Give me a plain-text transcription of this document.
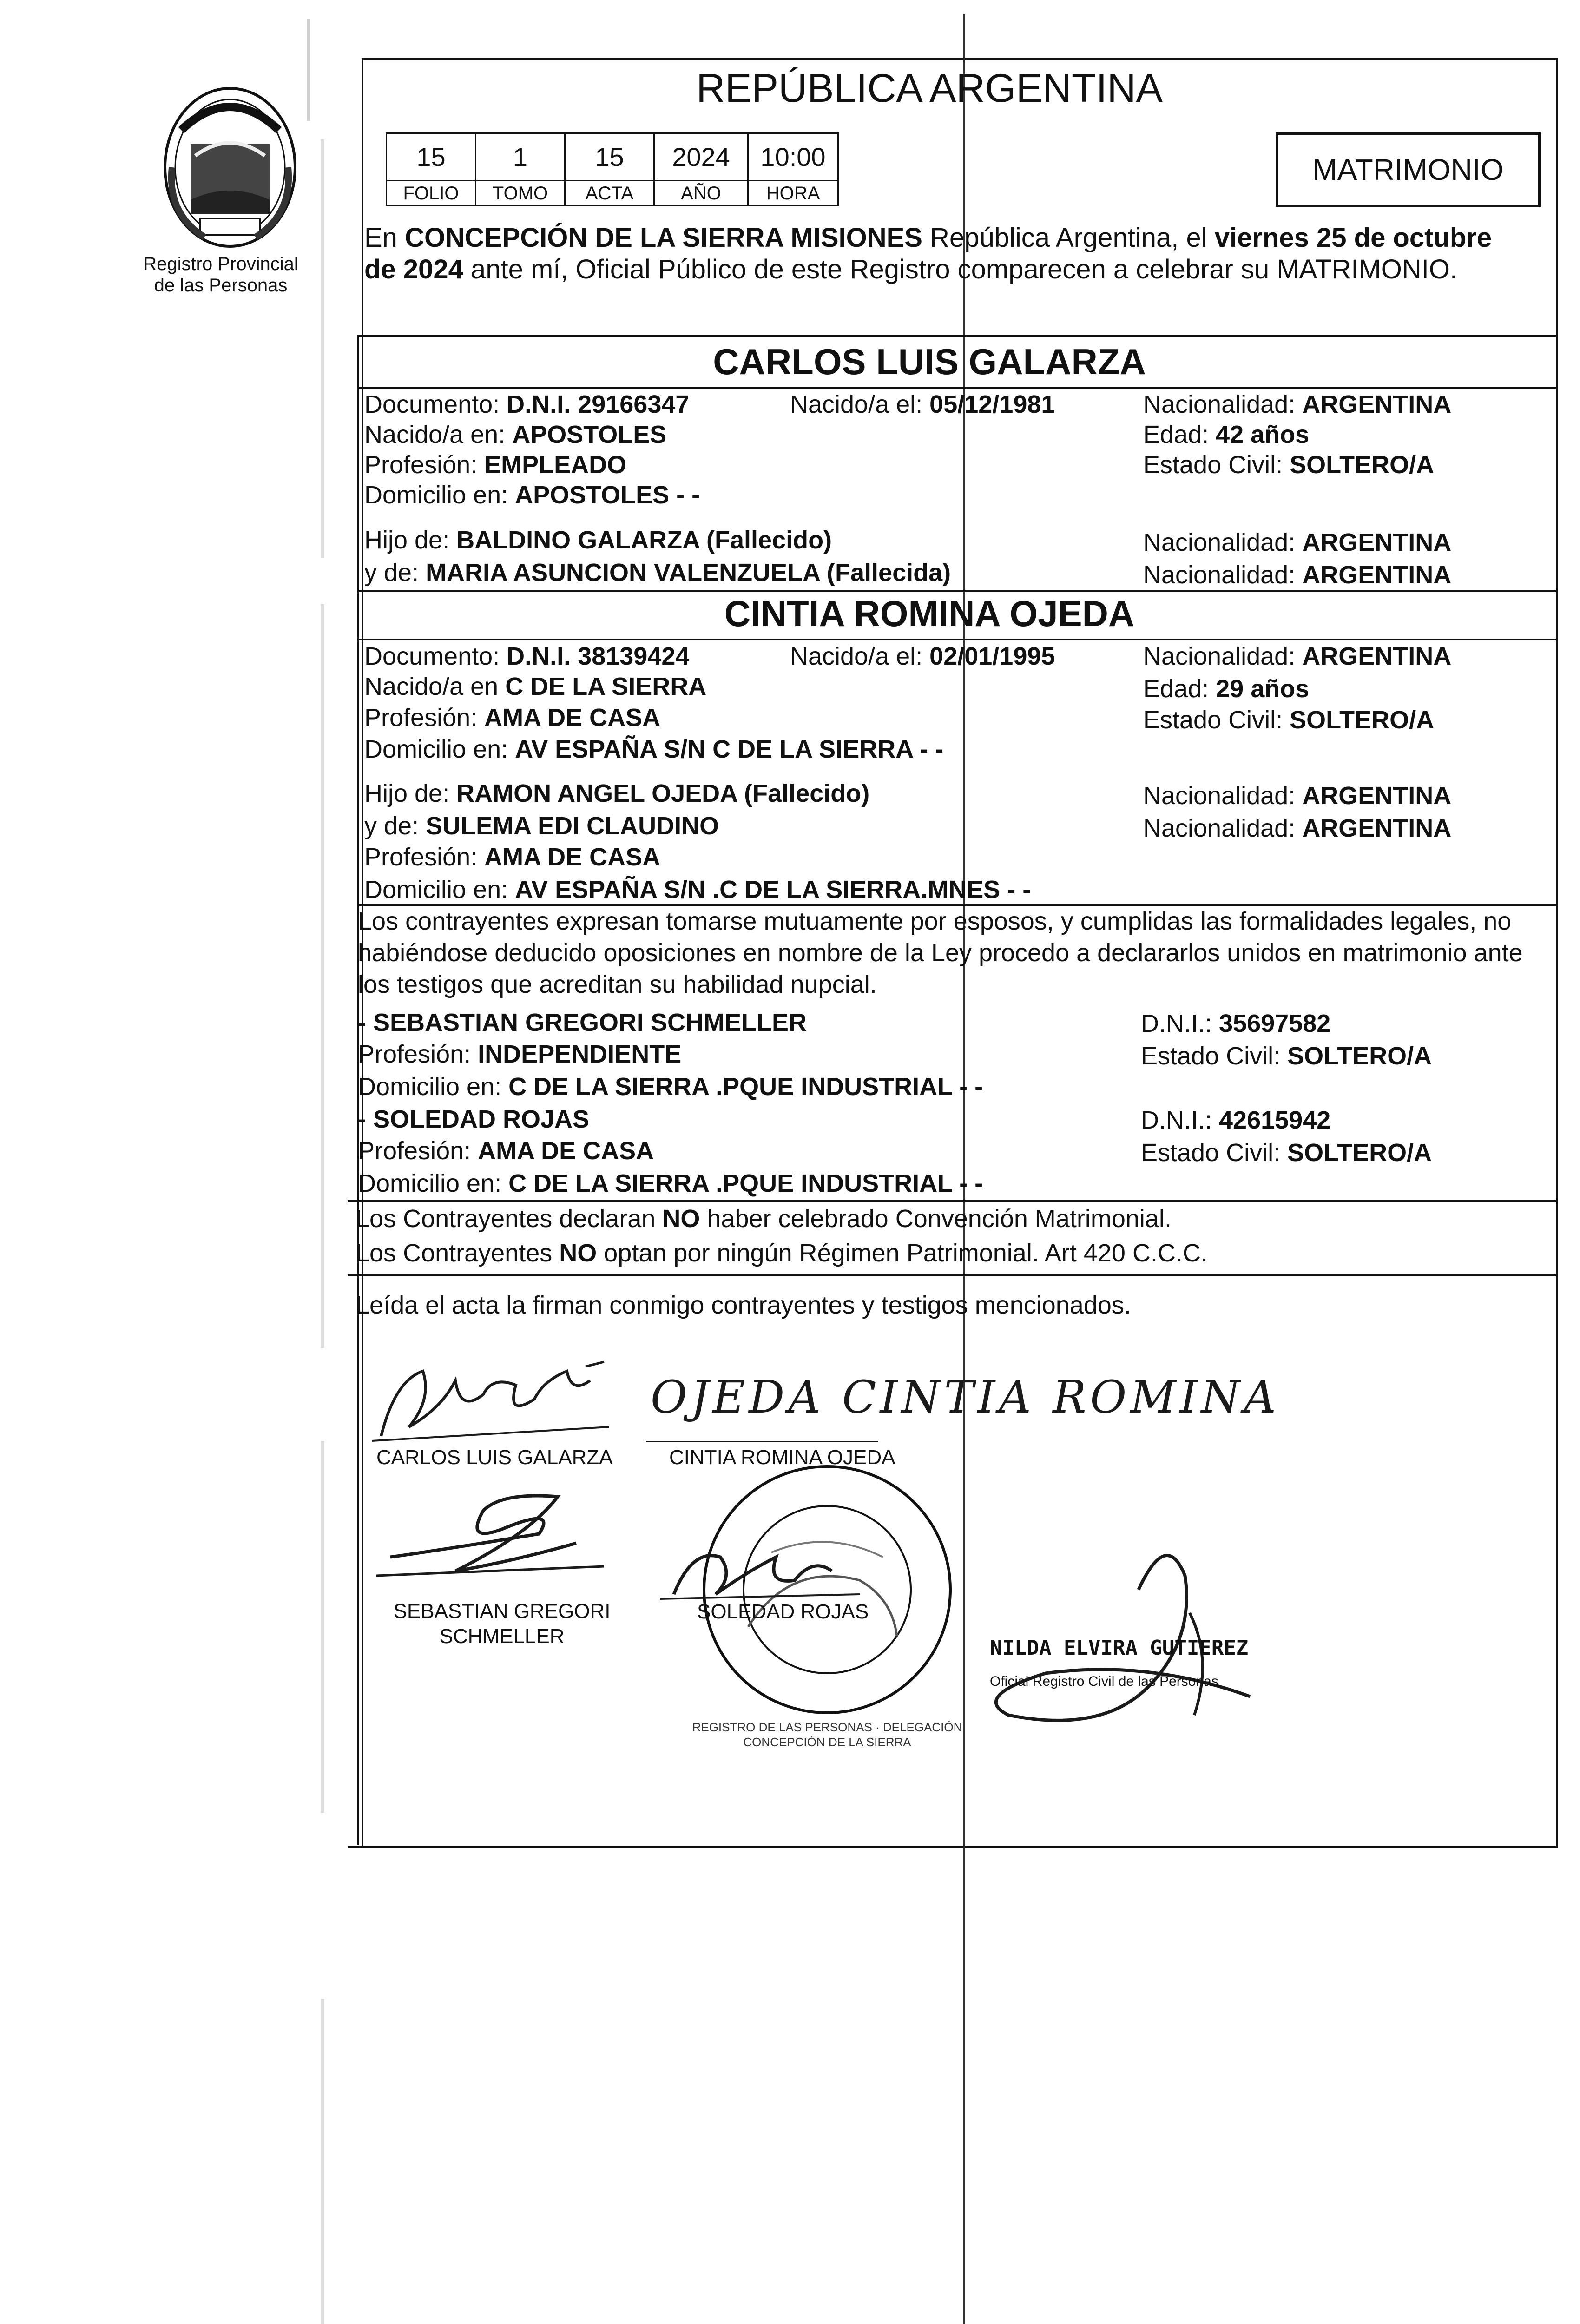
Registro Provincial
de las Personas
REPÚBLICA ARGENTINA
15	1	15	2024	10:00
FOLIO	TOMO	ACTA	AÑO	HORA
MATRIMONIO
En CONCEPCIÓN DE LA SIERRA MISIONES República Argentina, el viernes 25 de octubre
de 2024 ante mí, Oficial Público de este Registro comparecen a celebrar su MATRIMONIO.
CARLOS LUIS GALARZA
Documento: D.N.I. 29166347	Nacido/a el: 05/12/1981	Nacionalidad: ARGENTINA
Nacido/a en: APOSTOLES	Edad: 42 años
Profesión: EMPLEADO	Estado Civil: SOLTERO/A
Domicilio en: APOSTOLES - -
Hijo de: BALDINO GALARZA (Fallecido)	Nacionalidad: ARGENTINA
y de: MARIA ASUNCION VALENZUELA (Fallecida)	Nacionalidad: ARGENTINA
CINTIA ROMINA OJEDA
Documento: D.N.I. 38139424	Nacido/a el: 02/01/1995	Nacionalidad: ARGENTINA
Nacido/a en C DE LA SIERRA	Edad: 29 años
Profesión: AMA DE CASA	Estado Civil: SOLTERO/A
Domicilio en: AV ESPAÑA S/N C DE LA SIERRA - -
Hijo de: RAMON ANGEL OJEDA (Fallecido)	Nacionalidad: ARGENTINA
y de: SULEMA EDI CLAUDINO	Nacionalidad: ARGENTINA
Profesión: AMA DE CASA
Domicilio en: AV ESPAÑA S/N .C DE LA SIERRA.MNES - -
Los contrayentes expresan tomarse mutuamente por esposos, y cumplidas las formalidades legales, no
habiéndose deducido oposiciones en nombre de la Ley procedo a declararlos unidos en matrimonio ante
los testigos que acreditan su habilidad nupcial.
- SEBASTIAN GREGORI SCHMELLER	D.N.I.: 35697582
Profesión: INDEPENDIENTE	Estado Civil: SOLTERO/A
Domicilio en: C DE LA SIERRA .PQUE INDUSTRIAL - -
- SOLEDAD ROJAS	D.N.I.: 42615942
Profesión: AMA DE CASA	Estado Civil: SOLTERO/A
Domicilio en: C DE LA SIERRA .PQUE INDUSTRIAL - -
Los Contrayentes declaran NO haber celebrado Convención Matrimonial.
Los Contrayentes NO optan por ningún Régimen Patrimonial. Art 420 C.C.C.
Leída el acta la firman conmigo contrayentes y testigos mencionados.
CARLOS LUIS GALARZA
OJEDA CINTIA ROMINA
CINTIA ROMINA OJEDA
SEBASTIAN GREGORI
SCHMELLER
SOLEDAD ROJAS
NILDA ELVIRA GUTIEREZ
Oficial Registro Civil de las Personas
REGISTRO DE LAS PERSONAS · DELEGACIÓN CONCEPCIÓN DE LA SIERRA
